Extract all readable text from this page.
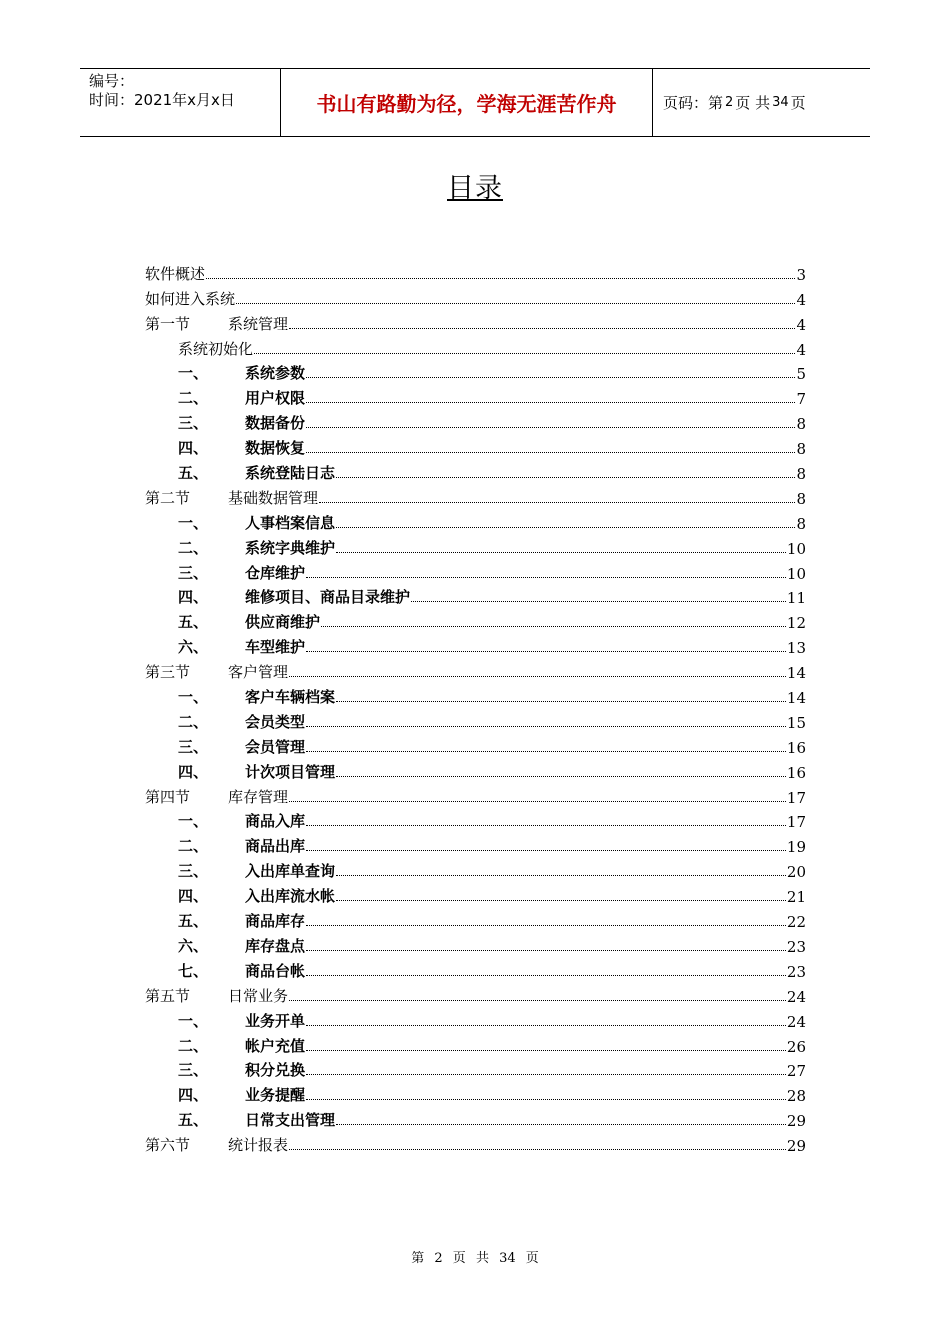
编号：
时间：2021年x月x日	书山有路勤为径，学海无涯苦作舟	页码：第 2 页 共 34 页
目录
软件概述	3
如何进入系统	4
第一节	系统管理	4
系统初始化	4
一、	系统参数	5
二、	用户权限	7
三、	数据备份	8
四、	数据恢复	8
五、	系统登陆日志	8
第二节	基础数据管理	8
一、	人事档案信息	8
二、	系统字典维护	10
三、	仓库维护	10
四、	维修项目、商品目录维护	11
五、	供应商维护	12
六、	车型维护	13
第三节	客户管理	14
一、	客户车辆档案	14
二、	会员类型	15
三、	会员管理	16
四、	计次项目管理	16
第四节	库存管理	17
一、	商品入库	17
二、	商品出库	19
三、	入出库单查询	20
四、	入出库流水帐	21
五、	商品库存	22
六、	库存盘点	23
七、	商品台帐	23
第五节	日常业务	24
一、	业务开单	24
二、	帐户充值	26
三、	积分兑换	27
四、	业务提醒	28
五、	日常支出管理	29
第六节	统计报表	29
第 2 页 共 34 页
